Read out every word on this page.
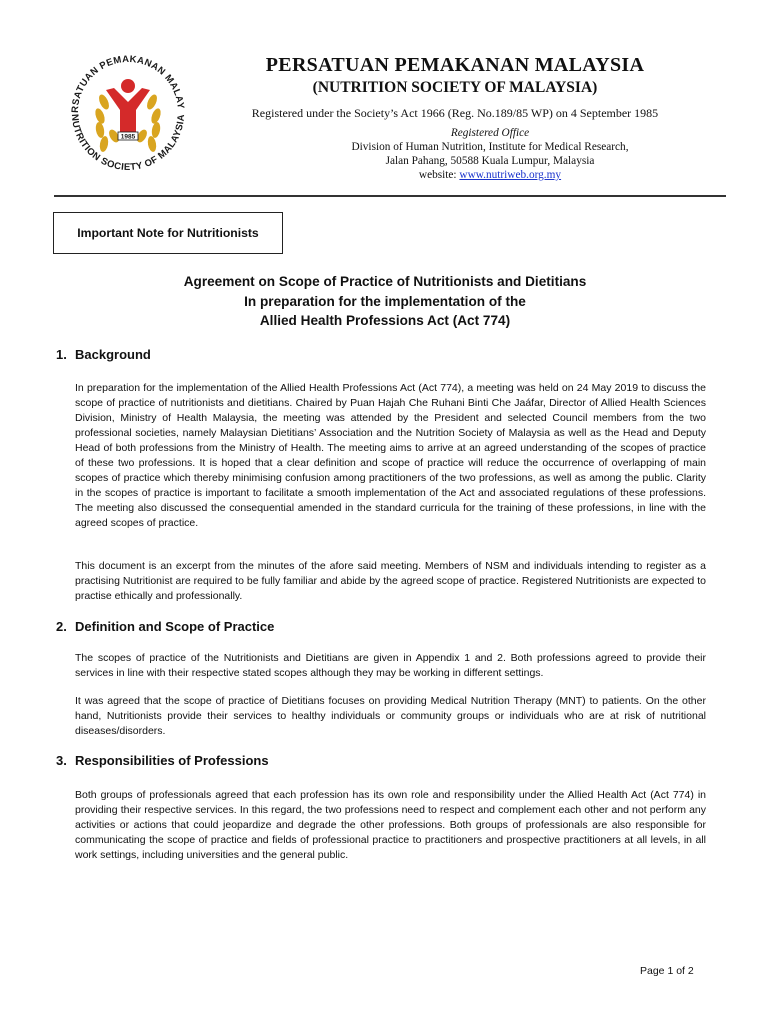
RSATUAN PEMAKANAN MALAY
NUTRITION SOCIETY OF MALAYSIA
1985
PERSATUAN PEMAKANAN MALAYSIA
(NUTRITION SOCIETY OF MALAYSIA)
Registered under the Society’s Act 1966 (Reg. No.189/85 WP) on 4 September 1985
Registered Office
Division of Human Nutrition, Institute for Medical Research,
Jalan Pahang, 50588 Kuala Lumpur, Malaysia
website: www.nutriweb.org.my
Important Note for Nutritionists
Agreement on Scope of Practice of Nutritionists and Dietitians
In preparation for the implementation of the
Allied Health Professions Act (Act 774)
1. Background

In preparation for the implementation of the Allied Health Professions Act (Act 774), a meeting was held on 24 May 2019 to discuss the scope of practice of nutritionists and dietitians. Chaired by Puan Hajah Che Ruhani Binti Che Jaáfar, Director of Allied Health Sciences Division, Ministry of Health Malaysia, the meeting was attended by the President and selected Council members from the two professional societies, namely Malaysian Dietitians’ Association and the Nutrition Society of Malaysia as well as the Head and Deputy Head of both professions from the Ministry of Health. The meeting aims to arrive at an agreed understanding of the scopes of practice of these two professions. It is hoped that a clear definition and scope of practice will reduce the occurrence of overlapping of main scopes of practice which thereby minimising confusion among practitioners of the two professions, as well as among the public. Clarity in the scopes of practice is important to facilitate a smooth implementation of the Act and associated regulations of these professions. The meeting also discussed the consequential amended in the standard curricula for the training of these professions, in line with the agreed scopes of practice.

This document is an excerpt from the minutes of the afore said meeting. Members of NSM and individuals intending to register as a practising Nutritionist are required to be fully familiar and abide by the agreed scope of practice. Registered Nutritionists are expected to practise ethically and professionally.

2. Definition and Scope of Practice

The scopes of practice of the Nutritionists and Dietitians are given in Appendix 1 and 2. Both professions agreed to provide their services in line with their respective stated scopes although they may be working in different settings.

It was agreed that the scope of practice of Dietitians focuses on providing Medical Nutrition Therapy (MNT) to patients. On the other hand, Nutritionists provide their services to healthy individuals or community groups or individuals who are at risk of nutritional diseases/disorders.

3. Responsibilities of Professions

Both groups of professionals agreed that each profession has its own role and responsibility under the Allied Health Act (Act 774) in providing their respective services. In this regard, the two professions need to respect and complement each other and not perform any activities or actions that could jeopardize and degrade the other professions. Both groups of professionals are also responsible for communicating the scope of practice and fields of professional practice to practitioners and prospective practitioners at all levels, in all work settings, including universities and the general public.

Page 1 of 2
